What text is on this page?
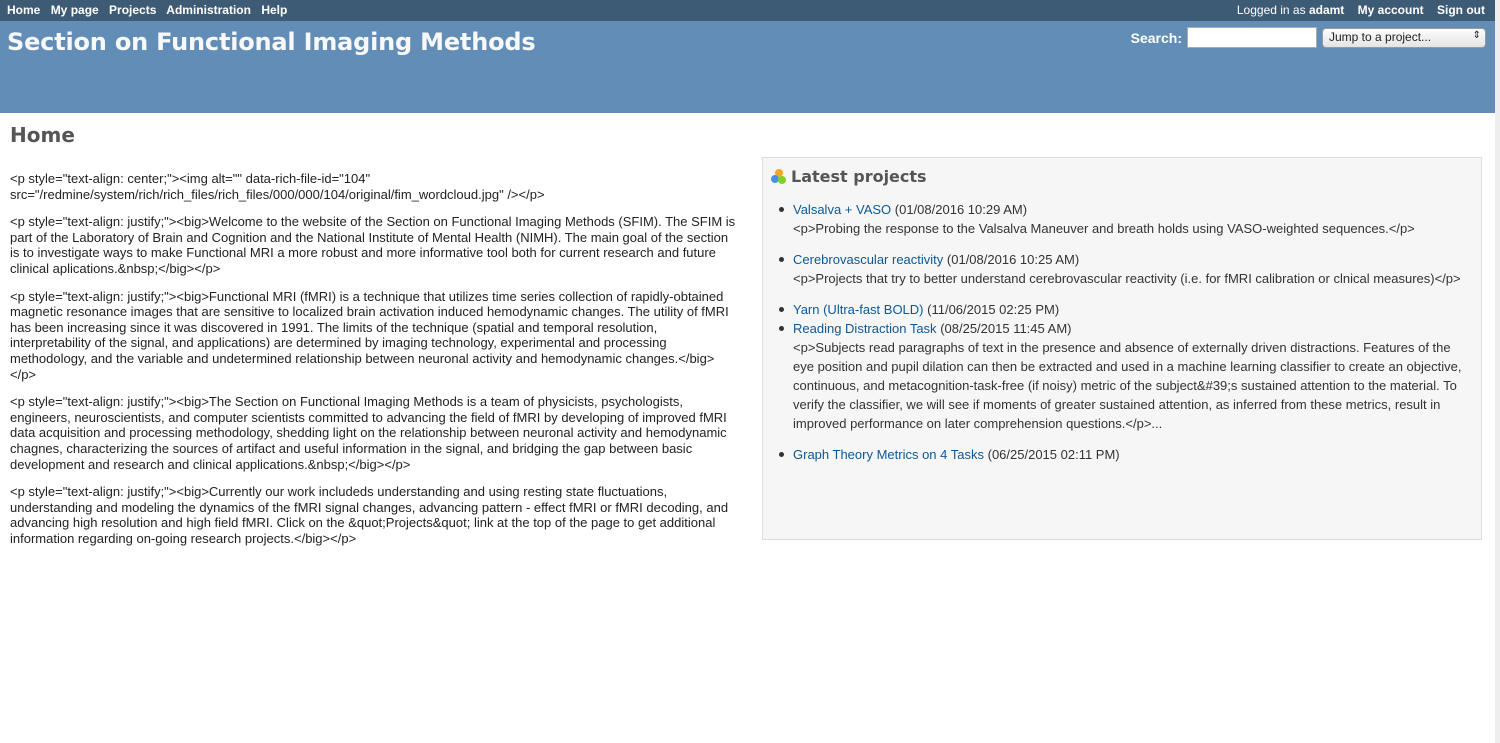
Home My page Projects Administration Help	Logged in as adamt My account Sign out
Section on Functional Imaging Methods	Search:	Jump to a project...	⇕
Home

<p style="text-align: center;"><img alt="" data-rich-file-id="104" src="/redmine/system/rich/rich_files/rich_files/000/000/104/original/fim_wordcloud.jpg" /></p>

<p style="text-align: justify;"><big>Welcome to the website of the Section on Functional Imaging Methods (SFIM). The SFIM is part of the Laboratory of Brain and Cognition and the National Institute of Mental Health (NIMH). The main goal of the section is to investigate ways to make Functional MRI a more robust and more informative tool both for current research and future clinical aplications.&nbsp;</big></p>

<p style="text-align: justify;"><big>Functional MRI (fMRI) is a technique that utilizes time series collection of rapidly-obtained magnetic resonance images that are sensitive to localized brain activation induced hemodynamic changes. The utility of fMRI has been increasing since it was discovered in 1991. The limits of the technique (spatial and temporal resolution, interpretability of the signal, and applications) are determined by imaging technology, experimental and processing methodology, and the variable and undetermined relationship between neuronal activity and hemodynamic changes.</big></p>

<p style="text-align: justify;"><big>The Section on Functional Imaging Methods is a team of physicists, psychologists, engineers, neuroscientists, and computer scientists committed to advancing the field of fMRI by developing of improved fMRI data acquisition and processing methodology, shedding light on the relationship between neuronal activity and hemodynamic chagnes, characterizing the sources of artifact and useful information in the signal, and bridging the gap between basic development and research and clinical applications.&nbsp;</big></p>

<p style="text-align: justify;"><big>Currently our work includeds understanding and using resting state fluctuations, understanding and modeling the dynamics of the fMRI signal changes, advancing pattern - effect fMRI or fMRI decoding, and advancing high resolution and high field fMRI. Click on the &quot;Projects&quot; link at the top of the page to get additional information regarding on-going research projects.</big></p>

Latest projects
Valsalva + VASO (01/08/2016 10:29 AM)
<p>Probing the response to the Valsalva Maneuver and breath holds using VASO-weighted sequences.</p>
Cerebrovascular reactivity (01/08/2016 10:25 AM)
<p>Projects that try to better understand cerebrovascular reactivity (i.e. for fMRI calibration or clnical measures)</p>
Yarn (Ultra-fast BOLD) (11/06/2015 02:25 PM)
Reading Distraction Task (08/25/2015 11:45 AM)
<p>Subjects read paragraphs of text in the presence and absence of externally driven distractions. Features of the eye position and pupil dilation can then be extracted and used in a machine learning classifier to create an objective, continuous, and metacognition-task-free (if noisy) metric of the subject&#39;s sustained attention to the material. To verify the classifier, we will see if moments of greater sustained attention, as inferred from these metrics, result in improved performance on later comprehension questions.</p>...
Graph Theory Metrics on 4 Tasks (06/25/2015 02:11 PM)
